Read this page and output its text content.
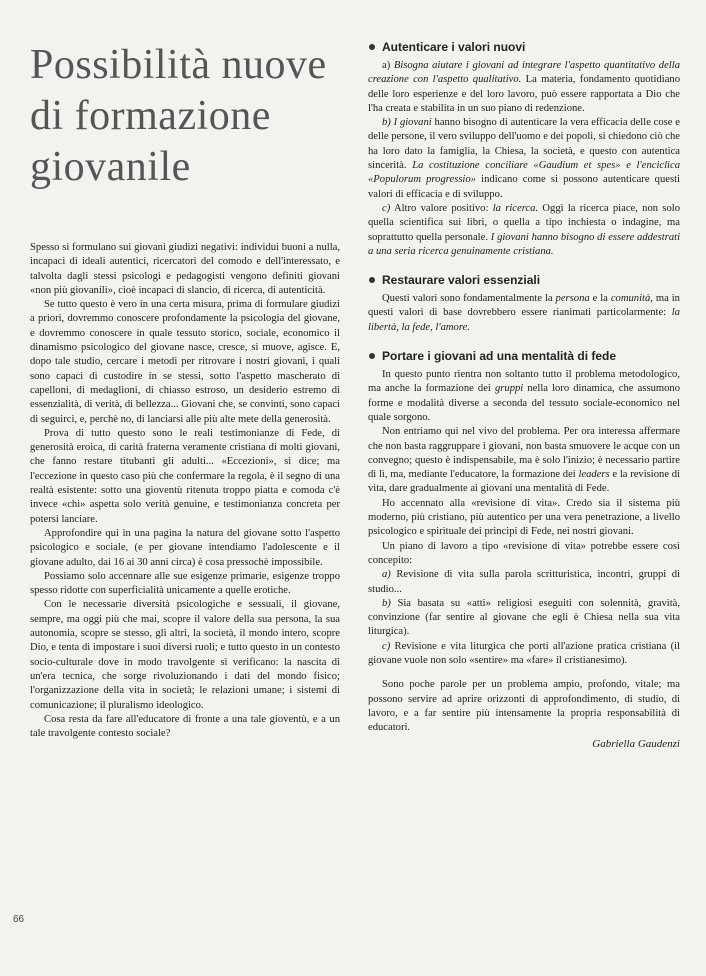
Possibilità nuove
di formazione
giovanile

Spesso si formulano sui giovani giudizi negativi: individui buoni a nulla, incapaci di ideali autentici, ricercatori del comodo e dell'interessato, e talvolta dagli stessi psicologi e pedagogisti vengono definiti giovani «non più giovanili», cioè incapaci di slancio, di ricerca, di autenticità.

Se tutto questo è vero in una certa misura, prima di formulare giudizi a priori, dovremmo conoscere profondamente la psicologia del giovane, e dovremmo conoscere in quale tessuto storico, sociale, economico il dinamismo psicologico del giovane nasce, cresce, si muove, agisce. E, dopo tale studio, cercare i metodi per ritrovare i nostri giovani, i quali sono capaci di custodire in se stessi, sotto l'aspetto mascherato di capelloni, di medaglioni, di chiasso estroso, un desiderio estremo di essenzialità, di verità, di bellezza... Giovani che, se convinti, sono capaci di seguirci, e, perchè no, di lanciarsi alle più alte mete della generosità.

Prova di tutto questo sono le reali testimonianze di Fede, di generosità eroica, di carità fraterna veramente cristiana di molti giovani, che fanno restare titubanti gli adulti... «Eccezioni», si dice; ma l'eccezione in questo caso più che confermare la regola, è il segno di una realtà esistente: sotto una gioventù ritenuta troppo piatta e comoda c'è invece «chi» aspetta solo verità genuine, e testimonianza concreta per potersi lanciare.

Approfondire qui in una pagina la natura del giovane sotto l'aspetto psicologico e sociale, (e per giovane intendiamo l'adolescente e il giovane adulto, dai 16 ai 30 anni circa) è cosa pressochè impossibile.

Possiamo solo accennare alle sue esigenze primarie, esigenze troppo spesso ridotte con superficialità unicamente a quelle erotiche.

Con le necessarie diversità psicologiche e sessuali, il giovane, sempre, ma oggi più che mai, scopre il valore della sua persona, la sua autonomia, scopre se stesso, gli altri, la società, il mondo intero, scopre Dio, e tenta di impostare i suoi diversi ruoli; e tutto questo in un contesto socio-culturale dove in modo travolgente si verificano: la nascita di un'era tecnica, che sorge rivoluzionando i dati del mondo fisico; l'organizzazione della vita in società; le relazioni umane; i sistemi di comunicazione; il pluralismo ideologico.

Cosa resta da fare all'educatore di fronte a una tale gioventù, e a un tale travolgente contesto sociale?

Autenticare i valori nuovi

a) Bisogna aiutare i giovani ad integrare l'aspetto quantitativo della creazione con l'aspetto qualitativo. La materia, fondamento quotidiano delle loro esperienze e del loro lavoro, può essere rapportata a Dio che l'ha creata e stabilita in un suo piano di redenzione.

b) I giovani hanno bisogno di autenticare la vera efficacia delle cose e delle persone, il vero sviluppo dell'uomo e dei popoli, si chiedono ciò che ha loro dato la famiglia, la Chiesa, la società, e questo con autentica sincerità. La costituzione conciliare «Gaudium et spes» e l'enciclica «Populorum progressio» indicano come si possono autenticare questi valori di efficacia e di sviluppo.

c) Altro valore positivo: la ricerca. Oggi la ricerca piace, non solo quella scientifica sui libri, o quella a tipo inchiesta o indagine, ma soprattutto quella personale. I giovani hanno bisogno di essere addestrati a una seria ricerca genuinamente cristiana.

Restaurare valori essenziali

Questi valori sono fondamentalmente la persona e la comunità, ma in questi valori di base dovrebbero essere rianimati particolarmente: la libertà, la fede, l'amore.

Portare i giovani ad una mentalità di fede

In questo punto rientra non soltanto tutto il problema metodologico, ma anche la formazione dei gruppi nella loro dinamica, che assumono forme e modalità diverse a seconda del tessuto sociale-economico nel quale sorgono.

Non entriamo qui nel vivo del problema. Per ora interessa affermare che non basta raggruppare i giovani, non basta smuovere le acque con un convegno; questo è indispensabile, ma è solo l'inizio; è necessario partire di lì, ma, mediante l'educatore, la formazione dei leaders e la revisione di vita, dare gradualmente ai giovani una mentalità di Fede.

Ho accennato alla «revisione di vita». Credo sia il sistema più moderno, più cristiano, più autentico per una vera penetrazione, a livello psicologico e spirituale dei principi di Fede, nei nostri giovani.

Un piano di lavoro a tipo «revisione di vita» potrebbe essere così concepito:

a) Revisione di vita sulla parola scritturistica, incontri, gruppi di studio...

b) Sia basata su «atti» religiosi eseguiti con solennità, gravità, convinzione (far sentire al giovane che egli è Chiesa nella sua vita liturgica).

c) Revisione e vita liturgica che porti all'azione pratica cristiana (il giovane vuole non solo «sentire» ma «fare» il cristianesimo).

Sono poche parole per un problema ampio, profondo, vitale; ma possono servire ad aprire orizzonti di approfondimento, di studio, di lavoro, e a far sentire più intensamente la propria responsabilità di educatori.

Gabriella Gaudenzi
66
